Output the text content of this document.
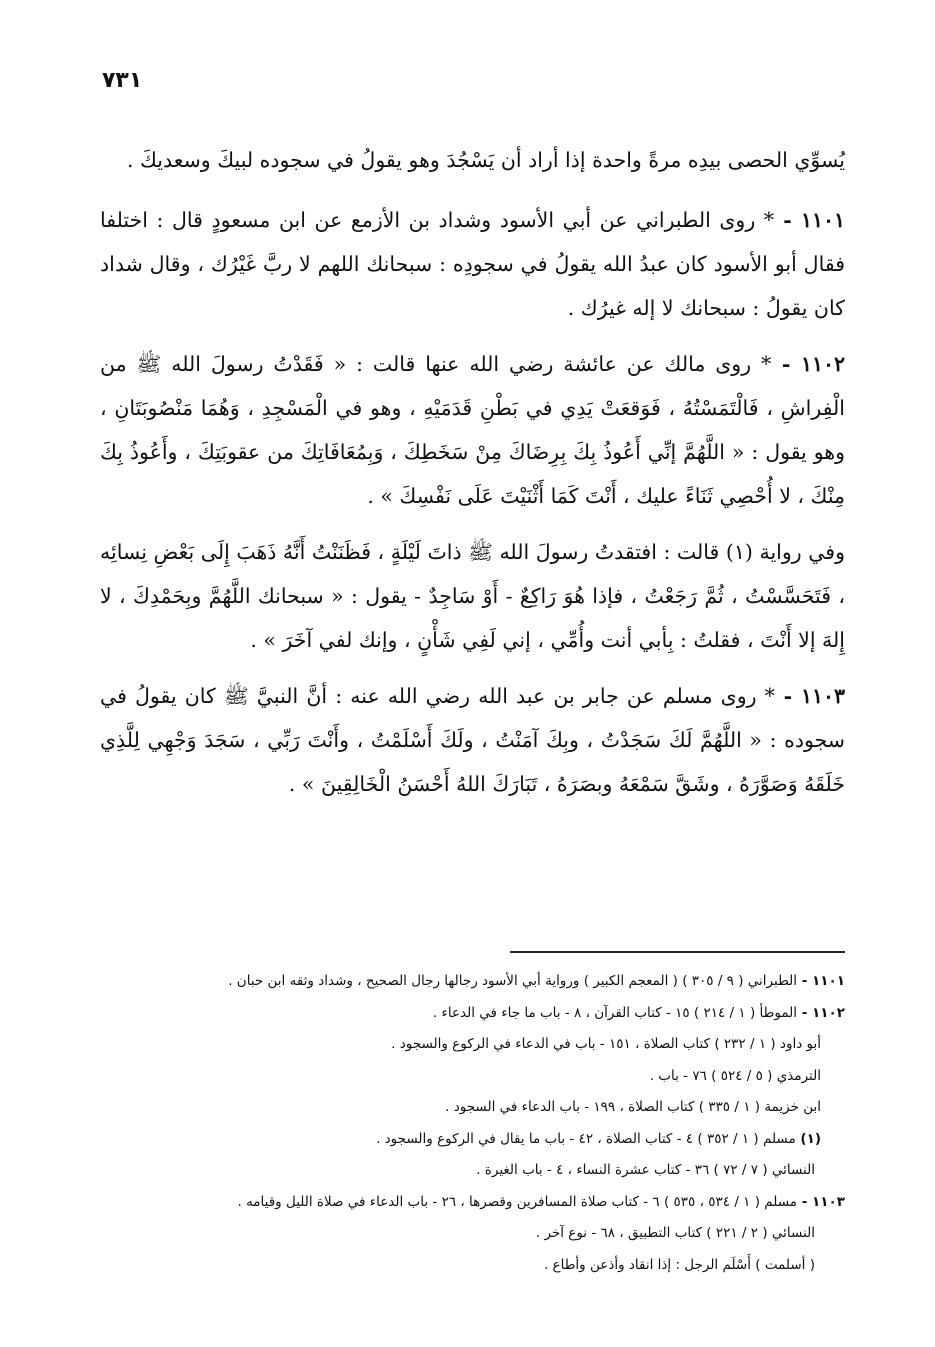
٧٣١

يُسوِّي الحصى بيدِه مرةً واحدة إذا أراد أن يَسْجُدَ وهو يقولُ في سجوده لبيكَ وسعديكَ .

١١٠١ - * روى الطبراني عن أبي الأسود وشداد بن الأزمع عن ابن مسعودٍ قال : اختلفا فقال أبو الأسود كان عبدُ الله يقولُ في سجودِه : سبحانك اللهم لا ربَّ غَيْرُك ، وقال شداد كان يقولُ : سبحانك لا إله غيرُك .

١١٠٢ - * روى مالك عن عائشة رضي الله عنها قالت : « فَقَدْتُ رسولَ الله ﷺ من الْفِراشِ ، فَالْتَمَسْتُهُ ، فَوَقعَتْ يَدِي في بَطْنِ قَدَمَيْهِ ، وهو في الْمَسْجِدِ ، وَهُمَا مَنْصُوبَتَانِ ، وهو يقول : « اللَّهُمَّ إنِّي أَعُوذُ بِكَ بِرِضَاكَ مِنْ سَخَطِكَ ، وَبِمُعَافَاتِكَ من عقوبَتِكَ ، وأَعُوذُ بِكَ مِنْكَ ، لا أُحْصِي ثَنَاءً عليك ، أَنْتَ كَمَا أَثْنَيْتَ عَلَى نَفْسِكَ » .

وفي رواية (١) قالت : افتقدتُ رسولَ الله ﷺ ذاتَ لَيْلَةٍ ، فَظَنَنْتُ أَنَّهُ ذَهَبَ إِلَى بَعْضِ نِسائِه ، فَتَحَسَّسْتُ ، ثُمَّ رَجَعْتُ ، فإذا هُوَ رَاكِعٌ - أَوْ سَاجِدٌ - يقول : « سبحانك اللَّهُمَّ وبِحَمْدِكَ ، لا إِلهَ إلا أَنْتَ ، فقلتُ : بِأبي أنت وأُمِّي ، إني لَفِي شَأْنٍ ، وإنك لفي آخَرَ » .

١١٠٣ - * روى مسلم عن جابر بن عبد الله رضي الله عنه : أنَّ النبيَّ ﷺ كان يقولُ في سجوده : « اللَّهُمَّ لَكَ سَجَدْتُ ، وبِكَ آمَنْتُ ، ولَكَ أَسْلَمْتُ ، وأَنْتَ رَبِّي ، سَجَدَ وَجْهِي لِلَّذِي خَلَقَهُ وَصَوَّرَهُ ، وشَقَّ سَمْعَهُ وبصَرَهُ ، تَبَارَكَ اللهُ أَحْسَنُ الْخَالِقِينَ » .

١١٠١ - الطبراني ( ٩ / ٣٠٥ ) ( المعجم الكبير ) ورواية أبي الأسود رجالها رجال الصحيح ، وشداد وثقه ابن حبان .
١١٠٢ - الموطأ ( ١ / ٢١٤ ) ١٥ - كتاب القرآن ، ٨ - باب ما جاء في الدعاء .
أبو داود ( ١ / ٢٣٢ ) كتاب الصلاة ، ١٥١ - باب في الدعاء في الركوع والسجود .
الترمذي ( ٥ / ٥٢٤ ) ٧٦ - باب .
ابن خزيمة ( ١ / ٣٣٥ ) كتاب الصلاة ، ١٩٩ - باب الدعاء في السجود .
(١) مسلم ( ١ / ٣٥٢ ) ٤ - كتاب الصلاة ، ٤٢ - باب ما يقال في الركوع والسجود .
النسائي ( ٧ / ٧٢ ) ٣٦ - كتاب عشرة النساء ، ٤ - باب الغيرة .
١١٠٣ - مسلم ( ١ / ٥٣٤ ، ٥٣٥ ) ٦ - كتاب صلاة المسافرين وقصرها ، ٢٦ - باب الدعاء في صلاة الليل وقيامه .
النسائي ( ٢ / ٢٢١ ) كتاب التطبيق ، ٦٨ - نوع آخر .
( أسلمت ) أَسْلَم الرجل : إذا انقاد وأذعن وأطاع .
